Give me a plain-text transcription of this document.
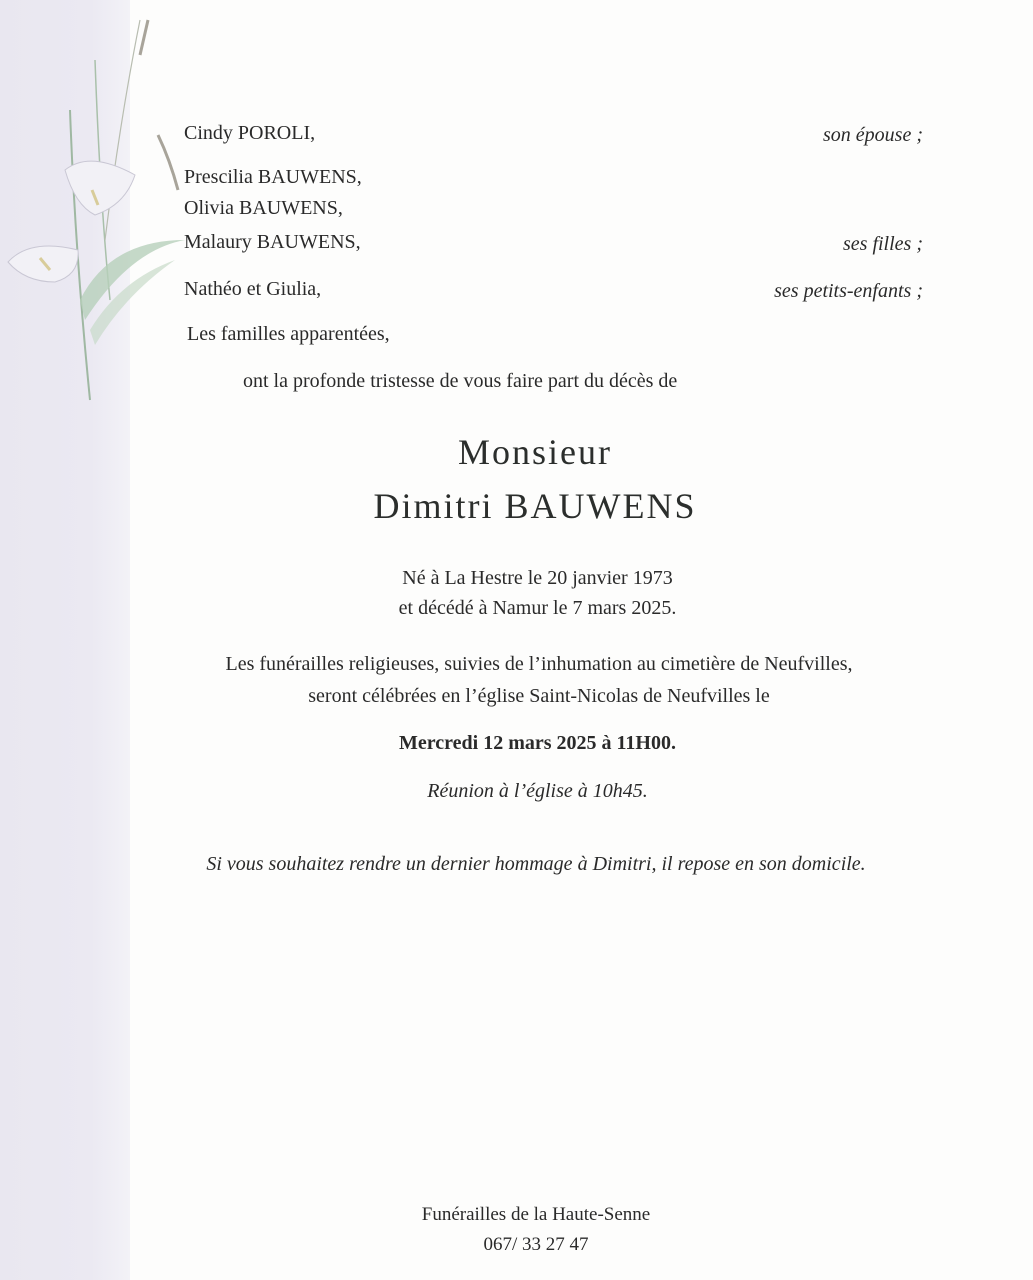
Cindy POROLI,	son épouse ;
Prescilia BAUWENS,
Olivia BAUWENS,
Malaury BAUWENS,	ses filles ;
Nathéo et Giulia,	ses petits-enfants ;
Les familles apparentées,
ont la profonde tristesse de vous faire part du décès de
Monsieur
Dimitri BAUWENS
Né à La Hestre le 20 janvier 1973
et décédé à Namur le 7 mars 2025.
Les funérailles religieuses, suivies de l’inhumation au cimetière de Neufvilles,
seront célébrées en l’église Saint-Nicolas de Neufvilles le
Mercredi 12 mars 2025 à 11H00.
Réunion à l’église à 10h45.
Si vous souhaitez rendre un dernier hommage à Dimitri, il repose en son domicile.
Funérailles de la Haute-Senne
067/ 33 27 47
